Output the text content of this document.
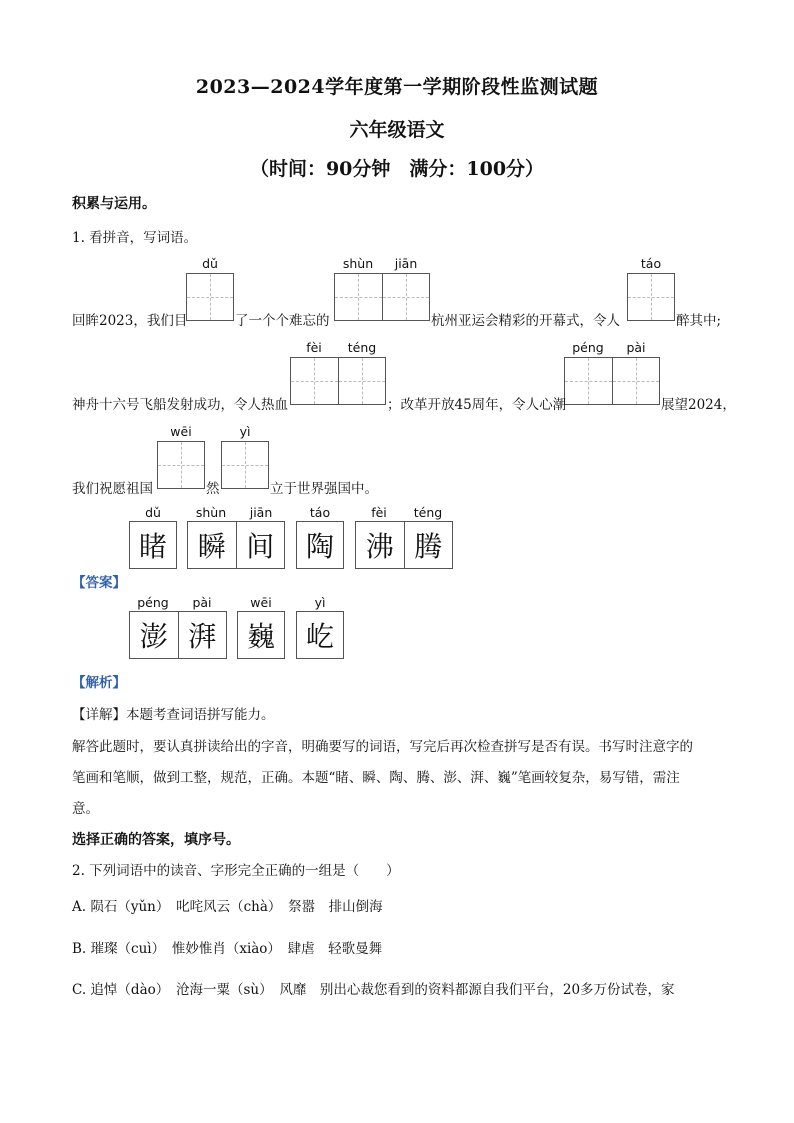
2023—2024学年度第一学期阶段性监测试题
六年级语文
（时间：90分钟　满分：100分）
积累与运用。
1. 看拼音，写词语。
dǔ	shùn	jiān	táo
回眸2023，我们目	了一个个难忘的	杭州亚运会精彩的开幕式，令人	醉其中;
fèi	téng	péng	pài
神舟十六号飞船发射成功，令人热血	；改革开放45周年，令人心潮	展望2024，
wēi	yì
我们祝愿祖国	然	立于世界强国中。
dǔ	shùn	jiān	táo	fèi	téng
睹	瞬 间	陶	沸 腾
【答案】
péng	pài	wēi	yì
澎 湃	巍	屹
【解析】
【详解】本题考查词语拼写能力。
解答此题时，要认真拼读给出的字音，明确要写的词语，写完后再次检查拼写是否有误。书写时注意字的
笔画和笔顺，做到工整，规范，正确。本题“睹、瞬、陶、腾、澎、湃、巍”笔画较复杂，易写错，需注
意。
选择正确的答案，填序号。
2. 下列词语中的读音、字形完全正确的一组是（　　）
A. 陨石（yǔn）　叱咤风云（chà）　祭嚣　排山倒海
B. 璀璨（cuì）　惟妙惟肖（xiào）　肆虐　轻歌曼舞
C. 追悼（dào）　沧海一粟（sù）　风靡　别出心裁您看到的资料都源自我们平台，20多万份试卷，家
